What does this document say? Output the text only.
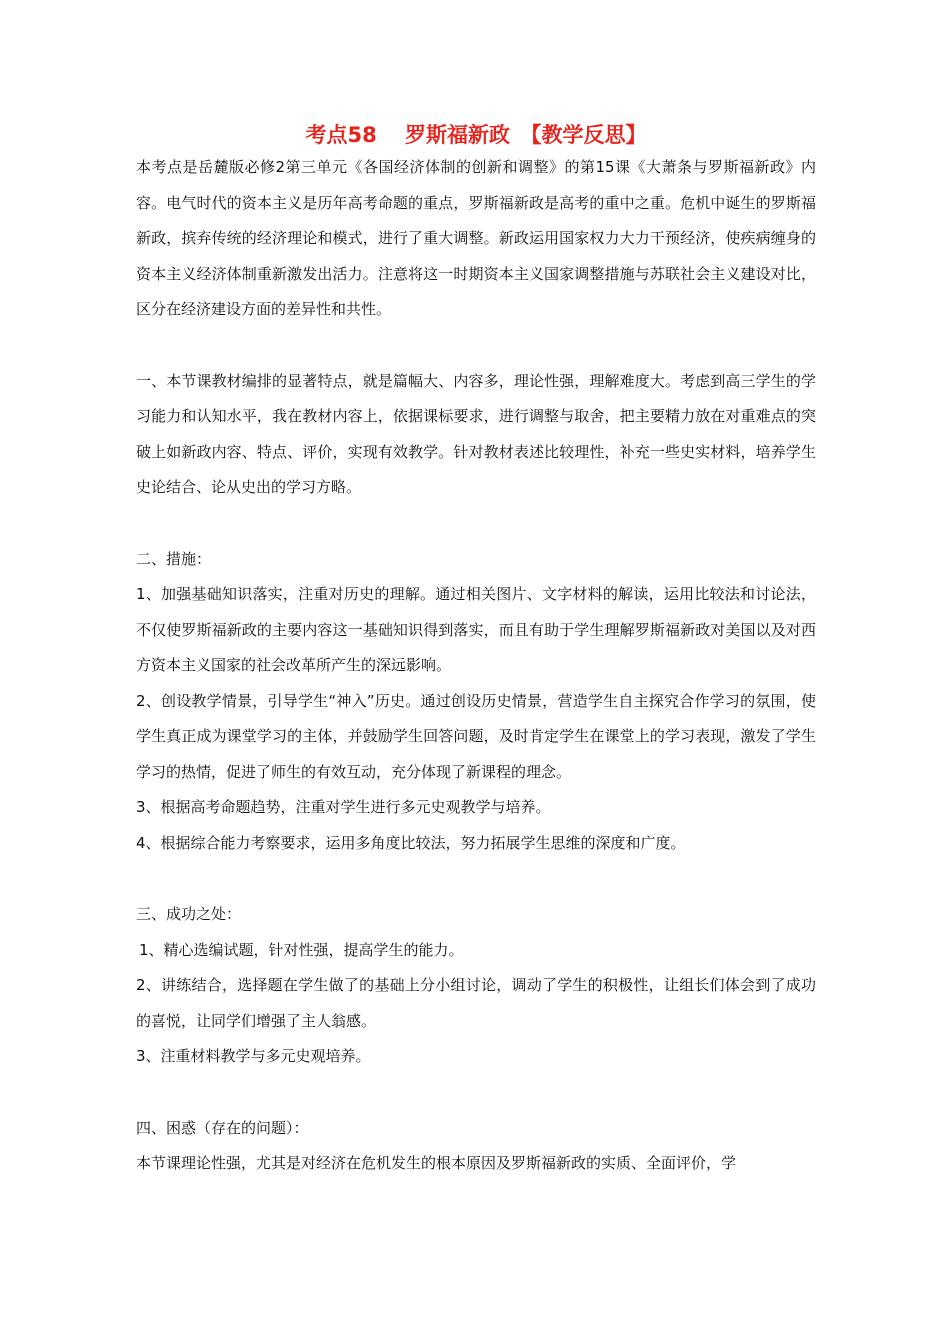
考点58　 罗斯福新政　【教学反思】

本考点是岳麓版必修2第三单元《各国经济体制的创新和调整》的第15课《大萧条与罗斯福新政》内容。电气时代的资本主义是历年高考命题的重点，罗斯福新政是高考的重中之重。危机中诞生的罗斯福新政，摈弃传统的经济理论和模式，进行了重大调整。新政运用国家权力大力干预经济，使疾病缠身的资本主义经济体制重新激发出活力。注意将这一时期资本主义国家调整措施与苏联社会主义建设对比，区分在经济建设方面的差异性和共性。

一、本节课教材编排的显著特点，就是篇幅大、内容多，理论性强，理解难度大。考虑到高三学生的学习能力和认知水平，我在教材内容上，依据课标要求，进行调整与取舍，把主要精力放在对重难点的突破上如新政内容、特点、评价，实现有效教学。针对教材表述比较理性，补充一些史实材料，培养学生史论结合、论从史出的学习方略。

二、措施：

1、加强基础知识落实，注重对历史的理解。通过相关图片、文字材料的解读，运用比较法和讨论法，不仅使罗斯福新政的主要内容这一基础知识得到落实，而且有助于学生理解罗斯福新政对美国以及对西方资本主义国家的社会改革所产生的深远影响。

2、创设教学情景，引导学生“神入”历史。通过创设历史情景，营造学生自主探究合作学习的氛围，使学生真正成为课堂学习的主体，并鼓励学生回答问题，及时肯定学生在课堂上的学习表现，激发了学生学习的热情，促进了师生的有效互动，充分体现了新课程的理念。

3、根据高考命题趋势，注重对学生进行多元史观教学与培养。

4、根据综合能力考察要求，运用多角度比较法，努力拓展学生思维的深度和广度。

三、成功之处：

1、精心选编试题，针对性强，提高学生的能力。

2、讲练结合，选择题在学生做了的基础上分小组讨论，调动了学生的积极性，让组长们体会到了成功的喜悦，让同学们增强了主人翁感。

3、注重材料教学与多元史观培养。

四、困惑（存在的问题）：

本节课理论性强，尤其是对经济在危机发生的根本原因及罗斯福新政的实质、全面评价，学
